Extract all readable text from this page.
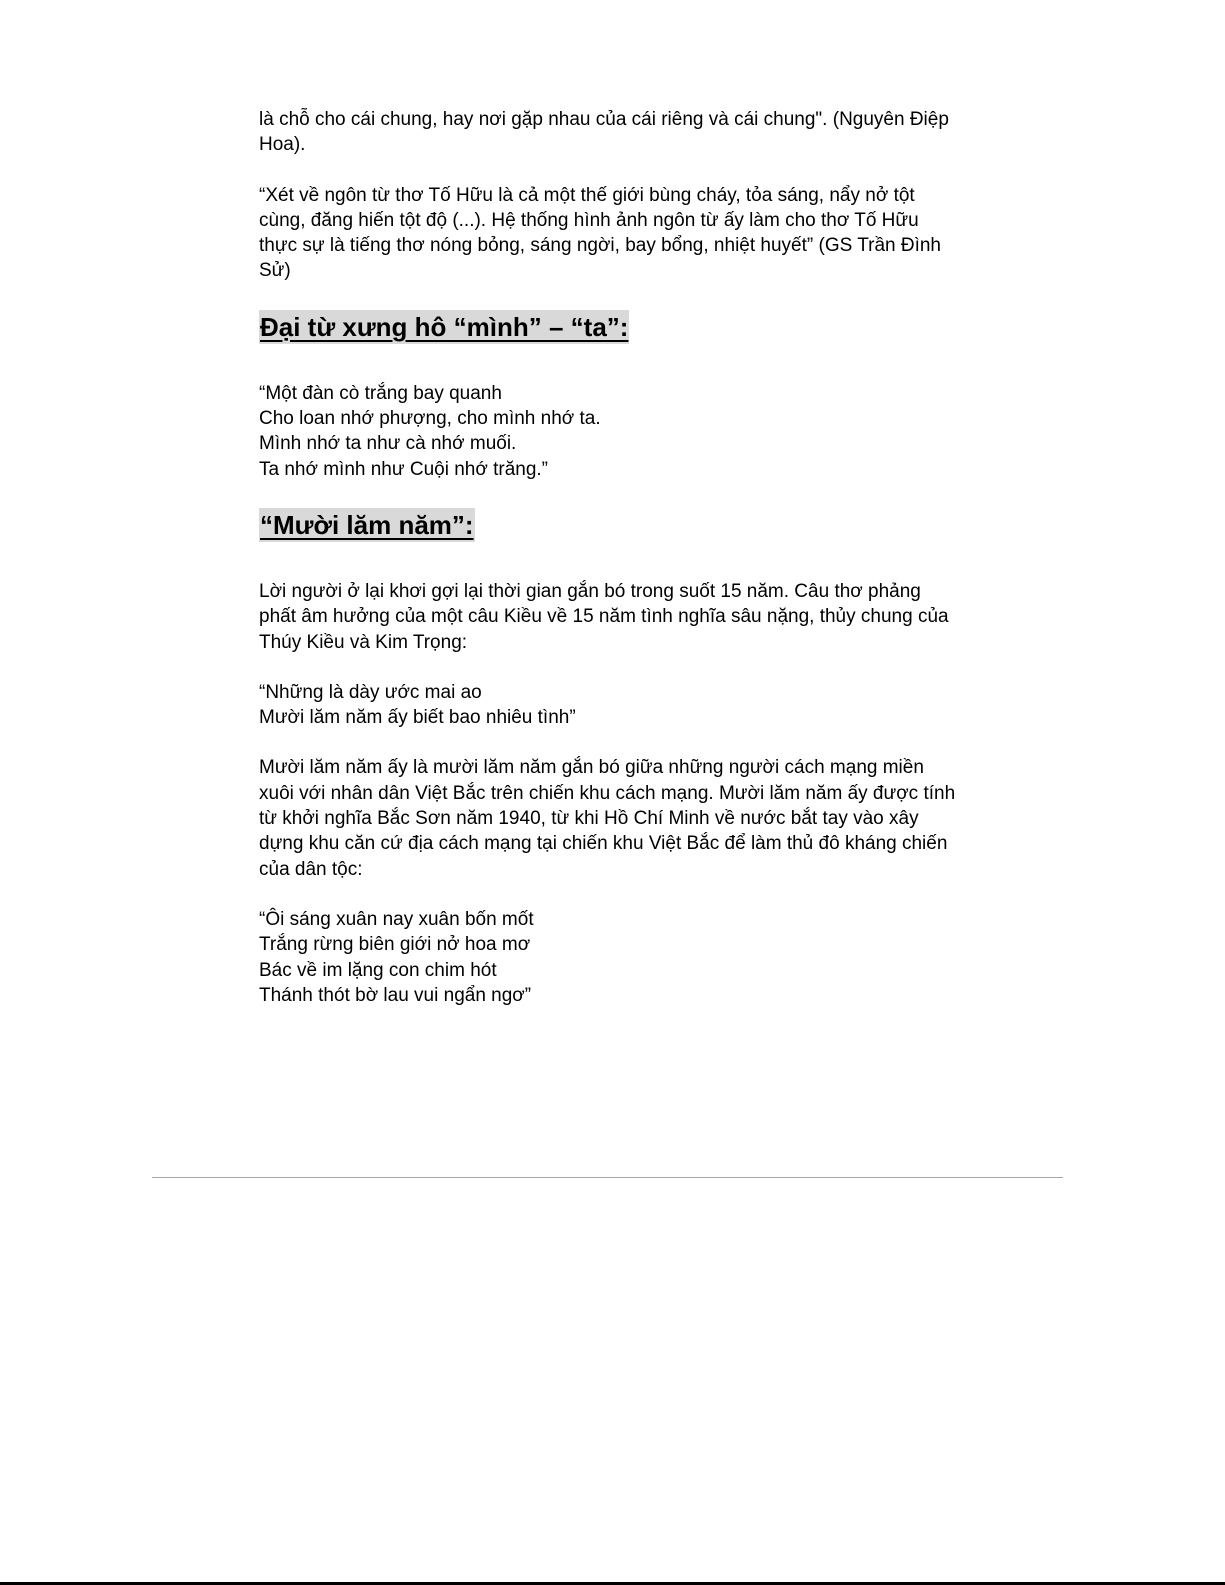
là chỗ cho cái chung, hay nơi gặp nhau của cái riêng và cái chung". (Nguyên Điệp Hoa).

“Xét về ngôn từ thơ Tố Hữu là cả một thế giới bùng cháy, tỏa sáng, nẩy nở tột cùng, đăng hiến tột độ (...). Hệ thống hình ảnh ngôn từ ấy làm cho thơ Tố Hữu thực sự là tiếng thơ nóng bỏng, sáng ngời, bay bổng, nhiệt huyết” (GS Trần Đình Sử)

Đại từ xưng hô “mình” – “ta”:

“Một đàn cò trắng bay quanh

Cho loan nhớ phượng, cho mình nhớ ta.

Mình nhớ ta như cà nhớ muối.

Ta nhớ mình như Cuội nhớ trăng.”

“Mười lăm năm”:

Lời người ở lại khơi gợi lại thời gian gắn bó trong suốt 15 năm. Câu thơ phảng phất âm hưởng của một câu Kiều về 15 năm tình nghĩa sâu nặng, thủy chung của Thúy Kiều và Kim Trọng:

“Những là dày ước mai ao

Mười lăm năm ấy biết bao nhiêu tình”

Mười lăm năm ấy là mười lăm năm gắn bó giữa những người cách mạng miền xuôi với nhân dân Việt Bắc trên chiến khu cách mạng. Mười lăm năm ấy được tính từ khởi nghĩa Bắc Sơn năm 1940, từ khi Hồ Chí Minh về nước bắt tay vào xây dựng khu căn cứ địa cách mạng tại chiến khu Việt Bắc để làm thủ đô kháng chiến của dân tộc:

“Ôi sáng xuân nay xuân bốn mốt

Trắng rừng biên giới nở hoa mơ

Bác về im lặng con chim hót

Thánh thót bờ lau vui ngẩn ngơ”
